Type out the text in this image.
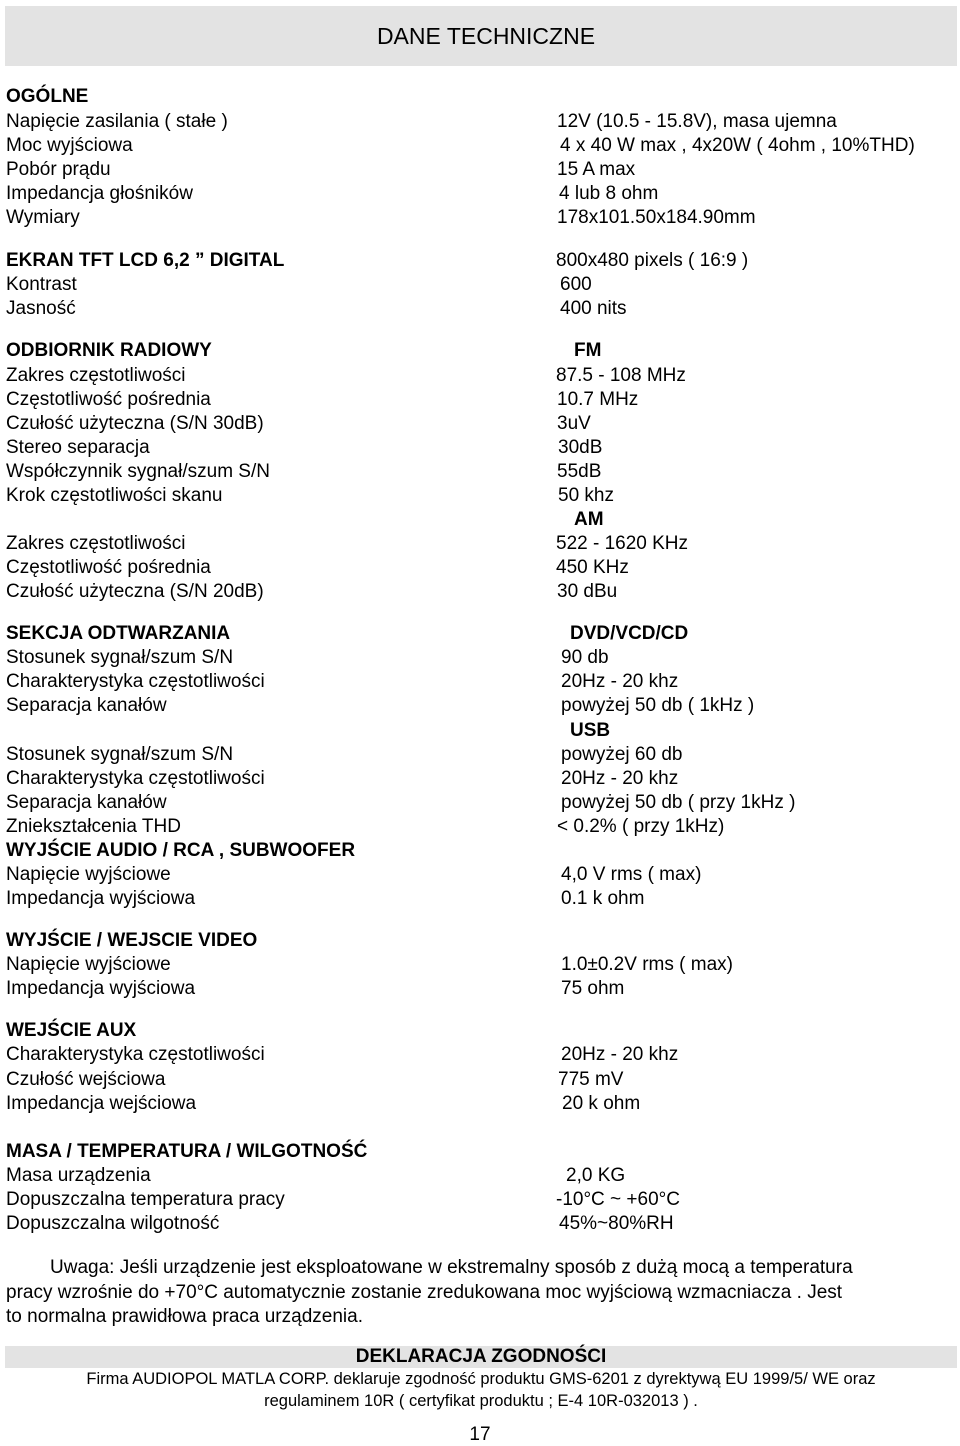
DANE TECHNICZNE
OGÓLNE
Napięcie zasilania ( stałe )	12V (10.5 - 15.8V), masa ujemna
Moc wyjściowa	4 x 40 W max , 4x20W ( 4ohm , 10%THD)
Pobór prądu	15 A max
Impedancja głośników	4 lub 8 ohm
Wymiary	178x101.50x184.90mm
EKRAN TFT LCD 6,2 ” DIGITAL	800x480 pixels ( 16:9 )
Kontrast	600
Jasność	400 nits
ODBIORNIK RADIOWY	FM
Zakres częstotliwości	87.5 - 108 MHz
Częstotliwość pośrednia	10.7 MHz
Czułość użyteczna (S/N 30dB)	3uV
Stereo separacja	30dB
Współczynnik sygnał/szum S/N	55dB
Krok częstotliwości skanu	50 khz
AM
Zakres częstotliwości	522 - 1620 KHz
Częstotliwość pośrednia	450 KHz
Czułość użyteczna (S/N 20dB)	30 dBu
SEKCJA ODTWARZANIA	DVD/VCD/CD
Stosunek sygnał/szum S/N	90 db
Charakterystyka częstotliwości	20Hz - 20 khz
Separacja kanałów	powyżej 50 db ( 1kHz )
USB
Stosunek sygnał/szum S/N	powyżej 60 db
Charakterystyka częstotliwości	20Hz - 20 khz
Separacja kanałów	powyżej 50 db ( przy 1kHz )
Zniekształcenia THD	< 0.2% ( przy 1kHz)
WYJŚCIE AUDIO / RCA , SUBWOOFER
Napięcie wyjściowe	4,0 V rms ( max)
Impedancja wyjściowa	0.1 k ohm
WYJŚCIE / WEJSCIE VIDEO
Napięcie wyjściowe	1.0±0.2V rms ( max)
Impedancja wyjściowa	75 ohm
WEJŚCIE AUX
Charakterystyka częstotliwości	20Hz - 20 khz
Czułość wejściowa	775 mV
Impedancja wejściowa	20 k ohm
MASA / TEMPERATURA / WILGOTNOŚĆ
Masa urządzenia	2,0 KG
Dopuszczalna temperatura pracy	-10°C ~ +60°C
Dopuszczalna wilgotność	45%~80%RH
Uwaga: Jeśli urządzenie jest eksploatowane w ekstremalny sposób z dużą mocą a temperatura
pracy wzrośnie do +70°C automatycznie zostanie zredukowana moc wyjściową wzmacniacza . Jest
to normalna prawidłowa praca urządzenia.
DEKLARACJA ZGODNOŚCI
Firma AUDIOPOL MATLA CORP. deklaruje zgodność produktu GMS-6201 z dyrektywą EU 1999/5/ WE oraz
regulaminem 10R ( certyfikat produktu ; E-4 10R-032013 ) .
17
